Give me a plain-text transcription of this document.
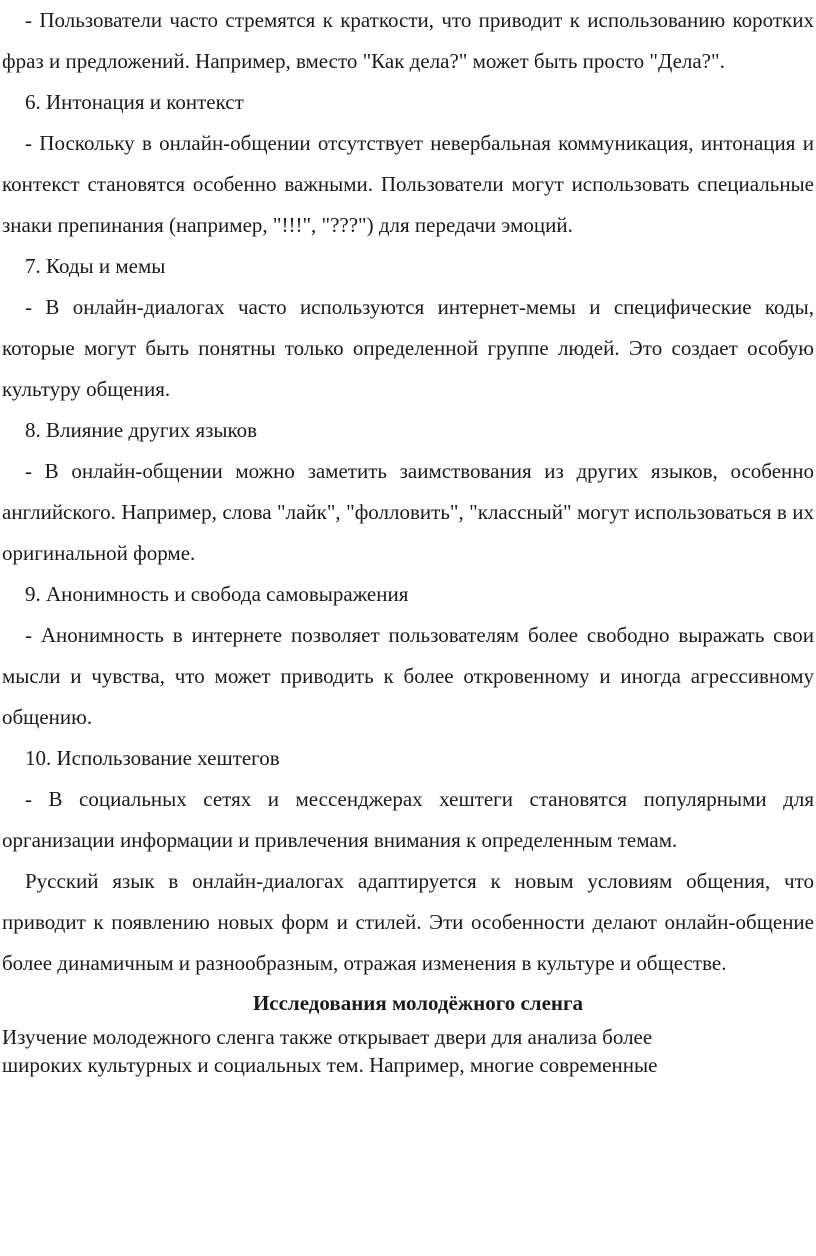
- Пользователи часто стремятся к краткости, что приводит к использованию коротких фраз и предложений. Например, вместо "Как дела?" может быть просто "Дела?".

6. Интонация и контекст

- Поскольку в онлайн-общении отсутствует невербальная коммуникация, интонация и контекст становятся особенно важными. Пользователи могут использовать специальные знаки препинания (например, "!!!", "???") для передачи эмоций.

7. Коды и мемы

- В онлайн-диалогах часто используются интернет-мемы и специфические коды, которые могут быть понятны только определенной группе людей. Это создает особую культуру общения.

8. Влияние других языков

- В онлайн-общении можно заметить заимствования из других языков, особенно английского. Например, слова "лайк", "фолловить", "классный" могут использоваться в их оригинальной форме.

9. Анонимность и свобода самовыражения

- Анонимность в интернете позволяет пользователям более свободно выражать свои мысли и чувства, что может приводить к более откровенному и иногда агрессивному общению.

10. Использование хештегов

- В социальных сетях и мессенджерах хештеги становятся популярными для организации информации и привлечения внимания к определенным темам.

Русский язык в онлайн-диалогах адаптируется к новым условиям общения, что приводит к появлению новых форм и стилей. Эти особенности делают онлайн-общение более динамичным и разнообразным, отражая изменения в культуре и обществе.

Исследования молодёжного сленга

Изучение молодежного сленга также открывает двери для анализа более

широких культурных и социальных тем. Например, многие современные
